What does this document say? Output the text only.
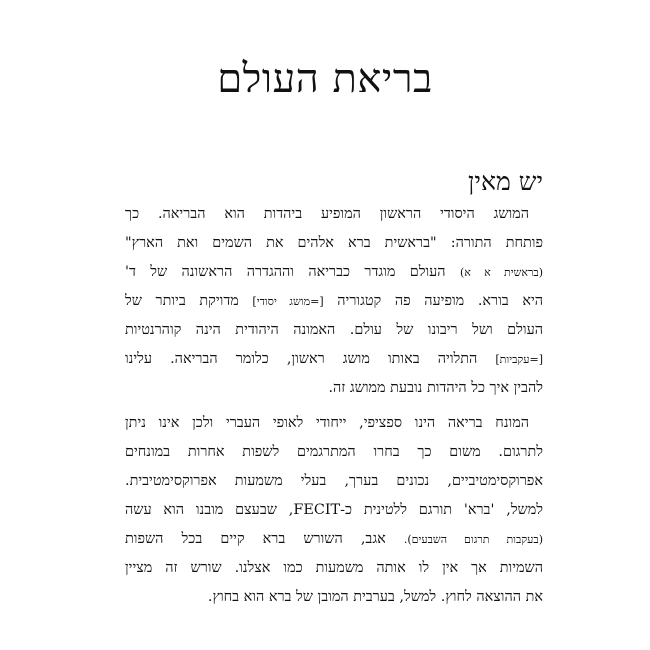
בריאת העולם
יש מאין
המושג היסודי הראשון המופיע ביהדות הוא הבריאה. כך
פותחת התורה: "בראשית ברא אלהים את השמים ואת הארץ"
(בראשית א א) העולם מוגדר כבריאה וההגדרה הראשונה של ד'
היא בורא. מופיעה פה קטגוריה [=מושג יסודי] מדויקת ביותר של
העולם ושל ריבונו של עולם. האמונה היהודית הינה קוהרנטיות
[=עקביות] התלויה באותו מושג ראשון, כלומר הבריאה. עלינו
להבין איך כל היהדות נובעת ממושג זה.
המונח בריאה הינו ספציפי, ייחודי לאופי העברי ולכן אינו ניתן
לתרגום. משום כך בחרו המתרגמים לשפות אחרות במונחים
אפרוקסימטיביים, נכונים בערך, בעלי משמעות אפרוקסימטיבית.
למשל, 'ברא' תורגם ללטינית כ-FECIT, שבעצם מובנו הוא עשה
(בעקבות תרגום השבעים). אגב, השורש ברא קיים בכל השפות
השמיות אך אין לו אותה משמעות כמו אצלנו. שורש זה מציין
את ההוצאה לחוץ. למשל, בערבית המובן של ברא הוא בחוץ.
